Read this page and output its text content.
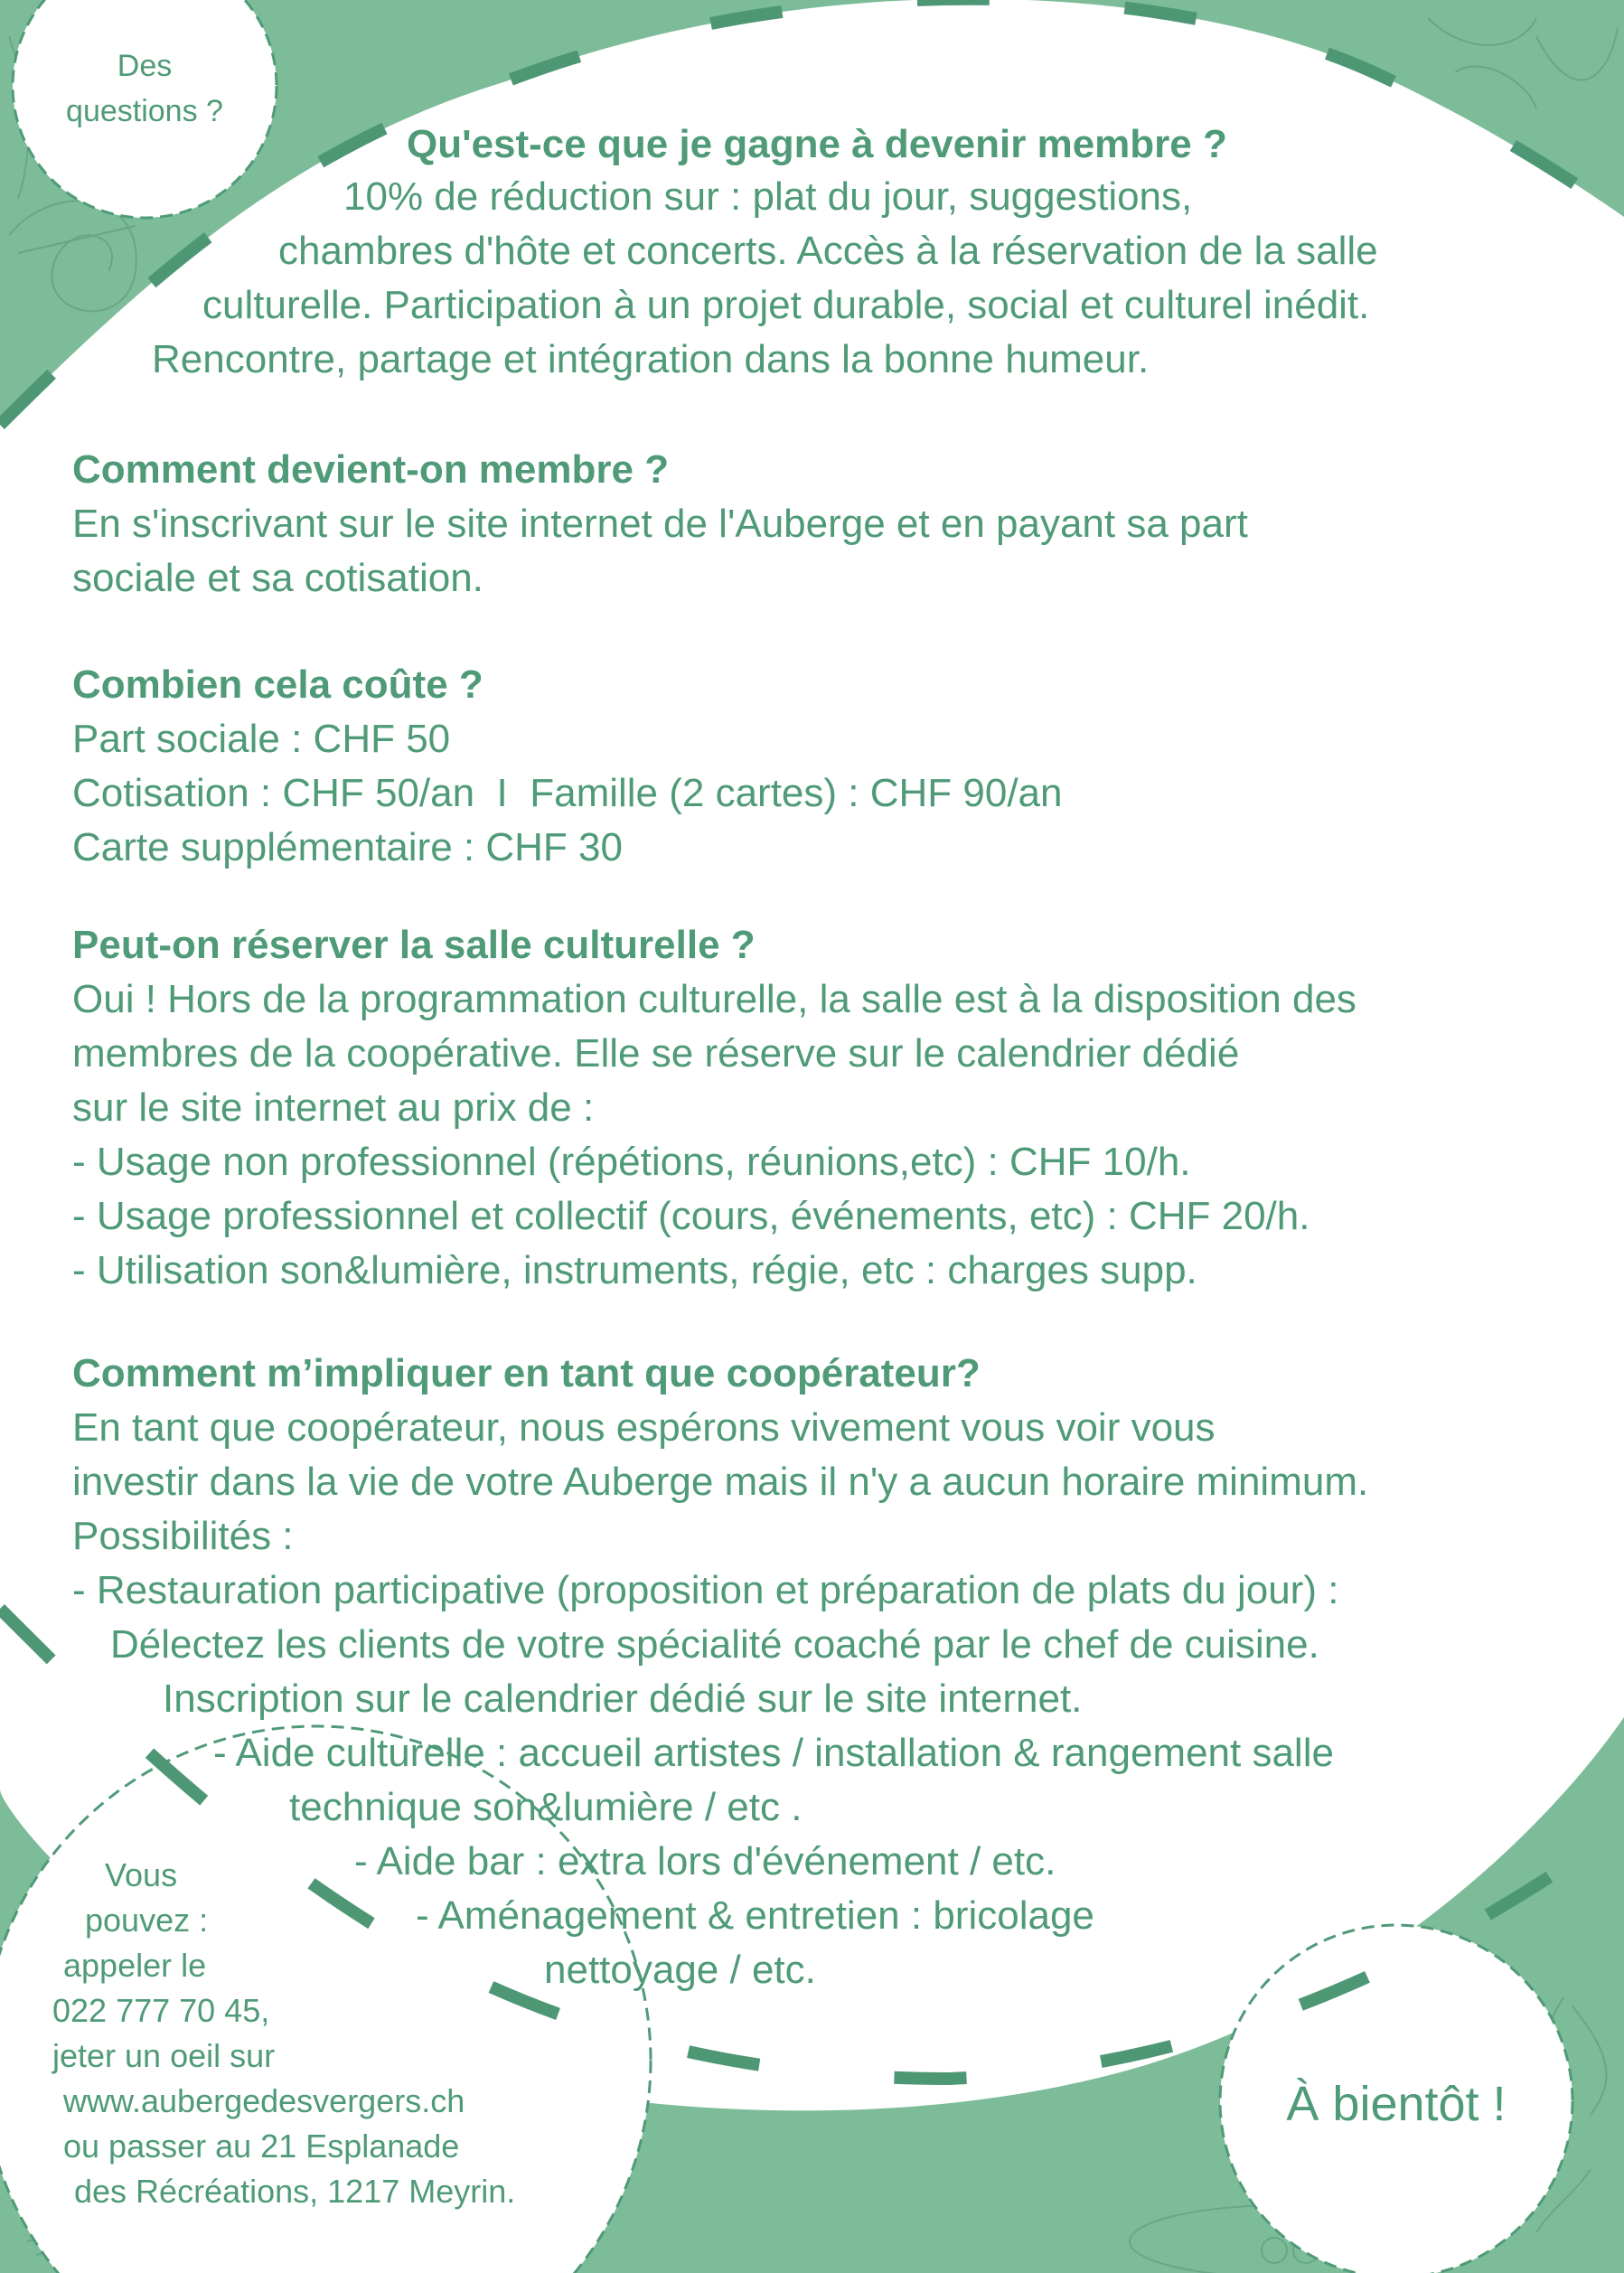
Des
questions ?
Qu'est-ce que je gagne à devenir membre ?
10% de réduction sur : plat du jour, suggestions,
chambres d'hôte et concerts. Accès à la réservation de la salle
culturelle. Participation à un projet durable, social et culturel inédit.
Rencontre, partage et intégration dans la bonne humeur.
Comment devient-on membre ?
En s'inscrivant sur le site internet de l'Auberge et en payant sa part
sociale et sa cotisation.
Combien cela coûte ?
Part sociale : CHF 50
Cotisation : CHF 50/an  I  Famille (2 cartes) : CHF 90/an
Carte supplémentaire : CHF 30
Peut-on réserver la salle culturelle ?
Oui ! Hors de la programmation culturelle, la salle est à la disposition des
membres de la coopérative. Elle se réserve sur le calendrier dédié
sur le site internet au prix de :
- Usage non professionnel (répétions, réunions,etc) : CHF 10/h.
- Usage professionnel et collectif (cours, événements, etc) : CHF 20/h.
- Utilisation son&lumière, instruments, régie, etc : charges supp.
Comment m’impliquer en tant que coopérateur?
En tant que coopérateur, nous espérons vivement vous voir vous
investir dans la vie de votre Auberge mais il n'y a aucun horaire minimum.
Possibilités :
- Restauration participative (proposition et préparation de plats du jour) :
Délectez les clients de votre spécialité coaché par le chef de cuisine.
Inscription sur le calendrier dédié sur le site internet.
- Aide culturelle : accueil artistes / installation & rangement salle
technique son&lumière / etc .
- Aide bar : extra lors d'événement / etc.
- Aménagement & entretien : bricolage
nettoyage / etc.
Vous
pouvez :
appeler le
022 777 70 45,
jeter un oeil sur
www.aubergedesvergers.ch
ou passer au 21 Esplanade
des Récréations, 1217 Meyrin.
À bientôt !
